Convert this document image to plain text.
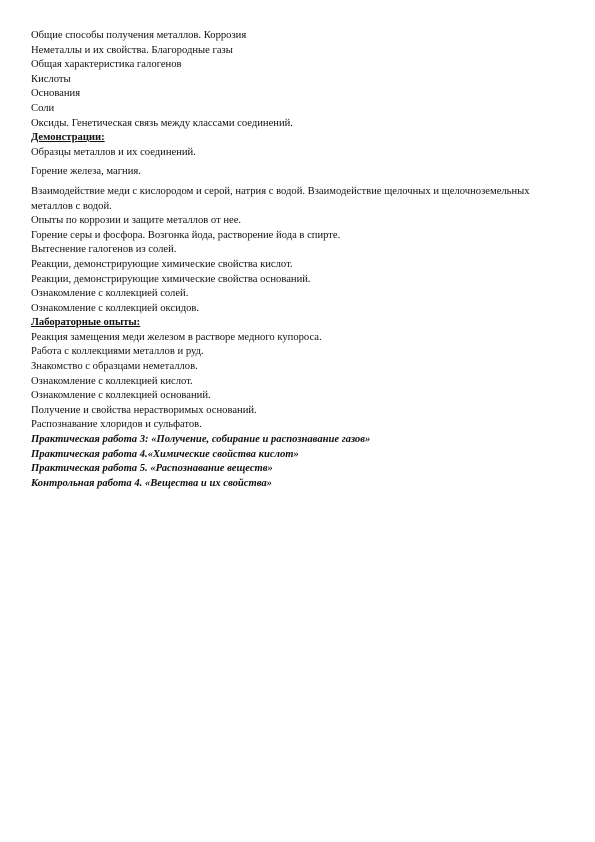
Общие способы получения металлов. Коррозия
Неметаллы и их свойства. Благородные газы
Общая характеристика галогенов
Кислоты
Основания
Соли
Оксиды. Генетическая связь между классами соединений.
Демонстрации:
Образцы металлов и их соединений.
Горение железа, магния.
Взаимодействие меди с кислородом и серой, натрия с водой. Взаимодействие щелочных и щелочноземельных металлов с водой.
Опыты по коррозии и защите металлов от нее.
Горение серы и фосфора. Возгонка йода, растворение йода в спирте.
Вытеснение галогенов из солей.
Реакции, демонстрирующие химические свойства кислот.
Реакции, демонстрирующие химические свойства оснований.
Ознакомление с коллекцией солей.
Ознакомление с коллекцией оксидов.
Лабораторные опыты:
Реакция замещения меди железом в растворе медного купороса.
Работа с коллекциями металлов и руд.
Знакомство с образцами неметаллов.
Ознакомление с коллекцией кислот.
Ознакомление с коллекцией оснований.
Получение и свойства нерастворимых оснований.
Распознавание хлоридов и сульфатов.
Практическая работа 3: «Получение, собирание и распознавание газов»
Практическая работа 4.«Химические свойства кислот»
Практическая работа 5. «Распознавание веществ»
Контрольная работа 4. «Вещества и их свойства»
